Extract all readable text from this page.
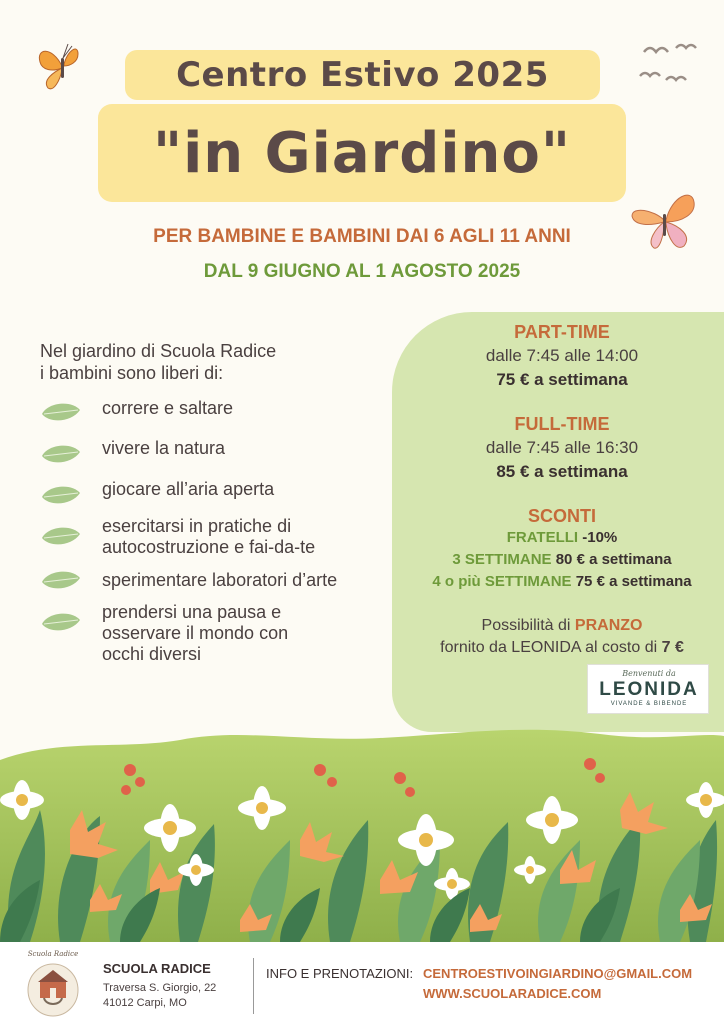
Centro Estivo 2025
"in Giardino"
PER BAMBINE E BAMBINI DAI 6 AGLI 11 ANNI
DAL 9 GIUGNO AL 1 AGOSTO 2025
Nel giardino di Scuola Radice
i bambini sono liberi di:
correre e saltare
vivere la natura
giocare all’aria aperta
esercitarsi in pratiche di
autocostruzione e fai-da-te
sperimentare laboratori d’arte
prendersi una pausa e
osservare il mondo con
occhi diversi
PART-TIME
dalle 7:45 alle 14:00
75 € a settimana
FULL-TIME
dalle 7:45 alle 16:30
85 € a settimana
SCONTI
FRATELLI -10%
3 SETTIMANE 80 € a settimana
4 o più SETTIMANE 75 € a settimana
Possibilità di PRANZO
fornito da LEONIDA al costo di 7 €
Benvenuti da
LEONIDA
VIVANDE & BIBENDE
Scuola Radice
SCUOLA RADICE
Traversa S. Giorgio, 22
41012 Carpi, MO
INFO E PRENOTAZIONI: CENTROESTIVOINGIARDINO@GMAIL.COM
WWW.SCUOLARADICE.COM
